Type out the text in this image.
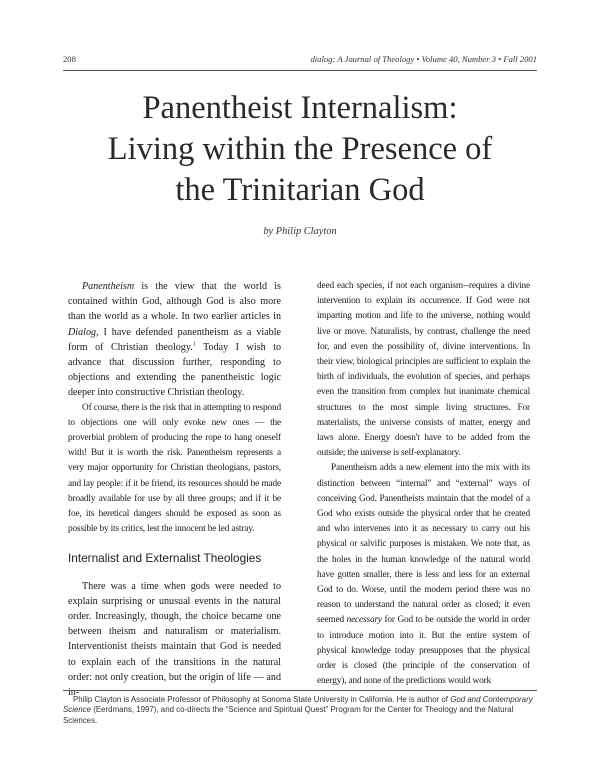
208	dialog: A Journal of Theology • Volume 40, Number 3 • Fall 2001
Panentheist Internalism:
Living within the Presence of
the Trinitarian God
by Philip Clayton

Panentheism is the view that the world is contained within God, although God is also more than the world as a whole. In two earlier articles in Dialog, I have defended panentheism as a viable form of Christian theology.$^1$ Today I wish to advance that discussion further, responding to objections and extending the panentheistic logic deeper into constructive Christian theology.

Of course, there is the risk that in attempting to respond to objections one will only evoke new ones — the proverbial problem of producing the rope to hang oneself with! But it is worth the risk. Panentheism represents a very major opportunity for Christian theologians, pastors, and lay people: if it be friend, its resources should be made broadly available for use by all three groups; and if it be foe, its heretical dangers should be exposed as soon as possible by its critics, lest the innocent be led astray.

Internalist and Externalist Theologies

There was a time when gods were needed to explain surprising or unusual events in the natural order. Increasingly, though, the choice became one between theism and naturalism or materialism. Interventionist theists maintain that God is needed to explain each of the transitions in the natural order: not only creation, but the origin of life — and in-

deed each species, if not each organism--requires a divine intervention to explain its occurrence. If God were not imparting motion and life to the universe, nothing would live or move. Naturalists, by contrast, challenge the need for, and even the possibility of, divine interventions. In their view, biological principles are sufficient to explain the birth of individuals, the evolution of species, and perhaps even the transition from complex but inanimate chemical structures to the most simple living structures. For materialists, the universe consists of matter, energy and laws alone. Energy doesn't have to be added from the outside; the universe is self-explanatory.

Panentheism adds a new element into the mix with its distinction between “internal” and “external” ways of conceiving God. Panentheists maintain that the model of a God who exists outside the physical order that he created and who intervenes into it as necessary to carry out his physical or salvific purposes is mistaken. We note that, as the holes in the human knowledge of the natural world have gotten smaller, there is less and less for an external God to do. Worse, until the modern period there was no reason to understand the natural order as closed; it even seemed necessary for God to be outside the world in order to introduce motion into it. But the entire system of physical knowledge today presupposes that the physical order is closed (the principle of the conservation of energy), and none of the predictions would work

Philip Clayton is Associate Professor of Philosophy at Sonoma State University in California. He is author of God and Contemporary Science (Eerdmans, 1997), and co-directs the “Science and Spiritual Quest” Program for the Center for Theology and the Natural Sciences.
